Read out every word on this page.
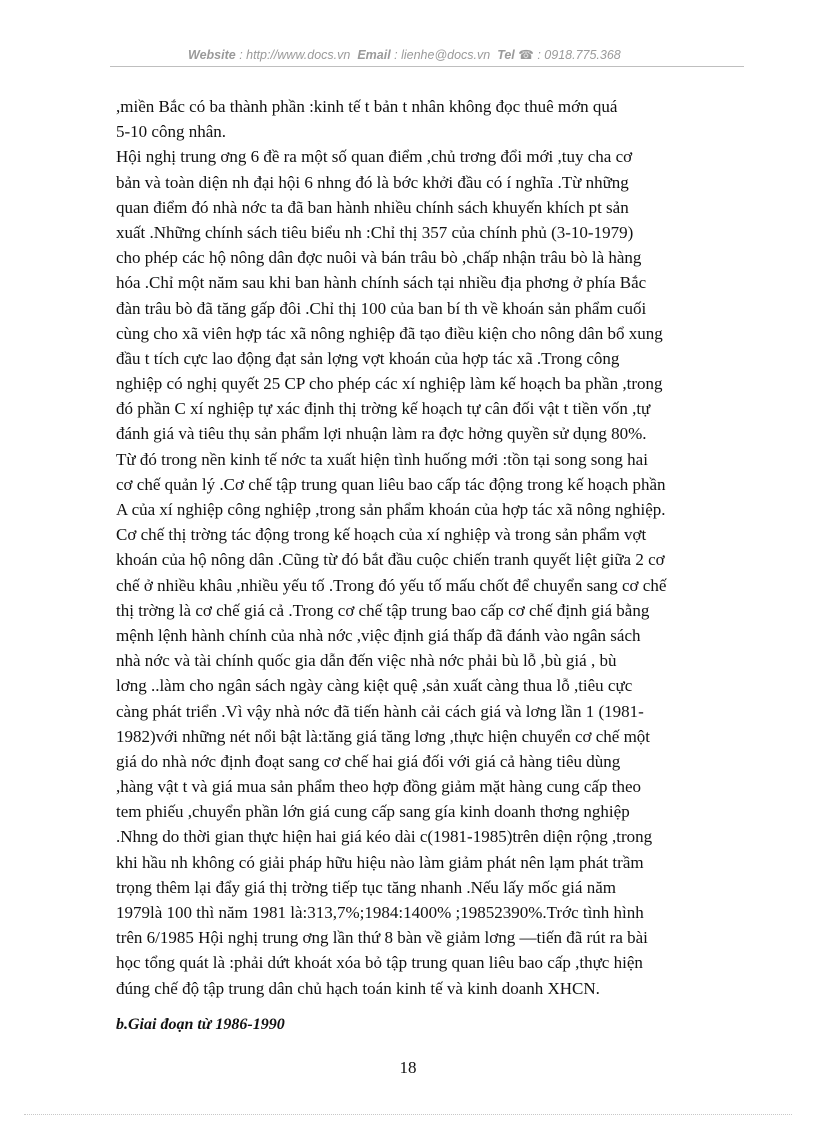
Website : http://www.docs.vn Email : lienhe@docs.vn Tel ☎ : 0918.775.368
,miền Bắc có ba thành phần :kinh tế t bản t nhân không đọc thuê mớn quá
5-10 công nhân.
Hội nghị trung ơng 6 đề ra một số quan điểm ,chủ trơng đổi mới ,tuy cha cơ
bản và toàn diện nh đại hội 6 nhng đó là bớc khởi đầu có í nghĩa .Từ những
quan điểm đó nhà nớc ta đã ban hành nhiều chính sách khuyến khích pt sản
xuất .Những chính sách tiêu biểu nh :Chỉ thị 357 của chính phủ (3-10-1979)
cho phép các hộ nông dân đợc nuôi và bán trâu bò ,chấp nhận trâu bò là hàng
hóa .Chỉ một năm sau khi ban hành chính sách tại nhiều địa phơng ở phía Bắc
đàn trâu bò đã tăng gấp đôi .Chỉ thị 100 của ban bí th về khoán sản phẩm cuối
cùng cho xã viên hợp tác xã nông nghiệp đã tạo điều kiện cho nông dân bổ xung
đầu t tích cực lao động đạt sản lợng vợt khoán của hợp tác xã .Trong công
nghiệp có nghị quyết 25 CP cho phép các xí nghiệp làm kế hoạch ba phần ,trong
đó phần C xí nghiệp tự xác định thị trờng kế hoạch tự cân đối vật t tiền vốn ,tự
đánh giá và tiêu thụ sản phẩm lợi nhuận làm ra đợc hởng quyền sử dụng 80%.
Từ đó trong nền kinh tế nớc ta xuất hiện tình huống mới :tồn tại song song hai
cơ chế quản lý .Cơ chế tập trung quan liêu bao cấp tác động trong kế hoạch phần
A của xí nghiệp công nghiệp ,trong sản phẩm khoán của hợp tác xã nông nghiệp.
Cơ chế thị trờng tác động trong kế hoạch của xí nghiệp và trong sản phẩm vợt
khoán của hộ nông dân .Cũng từ đó bắt đầu cuộc chiến tranh quyết liệt giữa 2 cơ
chế ở nhiều khâu ,nhiều yếu tố .Trong đó yếu tố mấu chốt để chuyển sang cơ chế
thị trờng là cơ chế giá cả .Trong cơ chế tập trung bao cấp cơ chế định giá bằng
mệnh lệnh hành chính của nhà nớc ,việc định giá thấp đã đánh vào ngân sách
nhà nớc và tài chính quốc gia dẫn đến việc nhà nớc phải bù lỗ ,bù giá , bù
lơng ..làm cho ngân sách ngày càng kiệt quệ ,sản xuất càng thua lỗ ,tiêu cực
càng phát triển .Vì vậy nhà nớc đã tiến hành cải cách giá và lơng lần 1 (1981-
1982)với những nét nổi bật là:tăng giá tăng lơng ,thực hiện chuyển cơ chế một
giá do nhà nớc định đoạt sang cơ chế hai giá đối với giá cả hàng tiêu dùng
,hàng vật t và giá mua sản phẩm theo hợp đồng giảm mặt hàng cung cấp theo
tem phiếu ,chuyển phần lớn giá cung cấp sang gía kinh doanh thơng nghiệp
.Nhng do thời gian thực hiện hai giá kéo dài c(1981-1985)trên diện rộng ,trong
khi hầu nh không có giải pháp hữu hiệu nào làm giảm phát nên lạm phát trầm
trọng thêm lại đẩy giá thị trờng tiếp tục tăng nhanh .Nếu lấy mốc giá năm
1979là 100 thì năm 1981 là:313,7%;1984:1400% ;19852390%.Trớc tình hình
trên 6/1985 Hội nghị trung ơng lần thứ 8 bàn về giảm lơng —tiến đã rút ra bài
học tổng quát là :phải dứt khoát xóa bỏ tập trung quan liêu bao cấp ,thực hiện
đúng chế độ tập trung dân chủ hạch toán kinh tế và kinh doanh XHCN.
b.Giai đoạn từ 1986-1990
18
